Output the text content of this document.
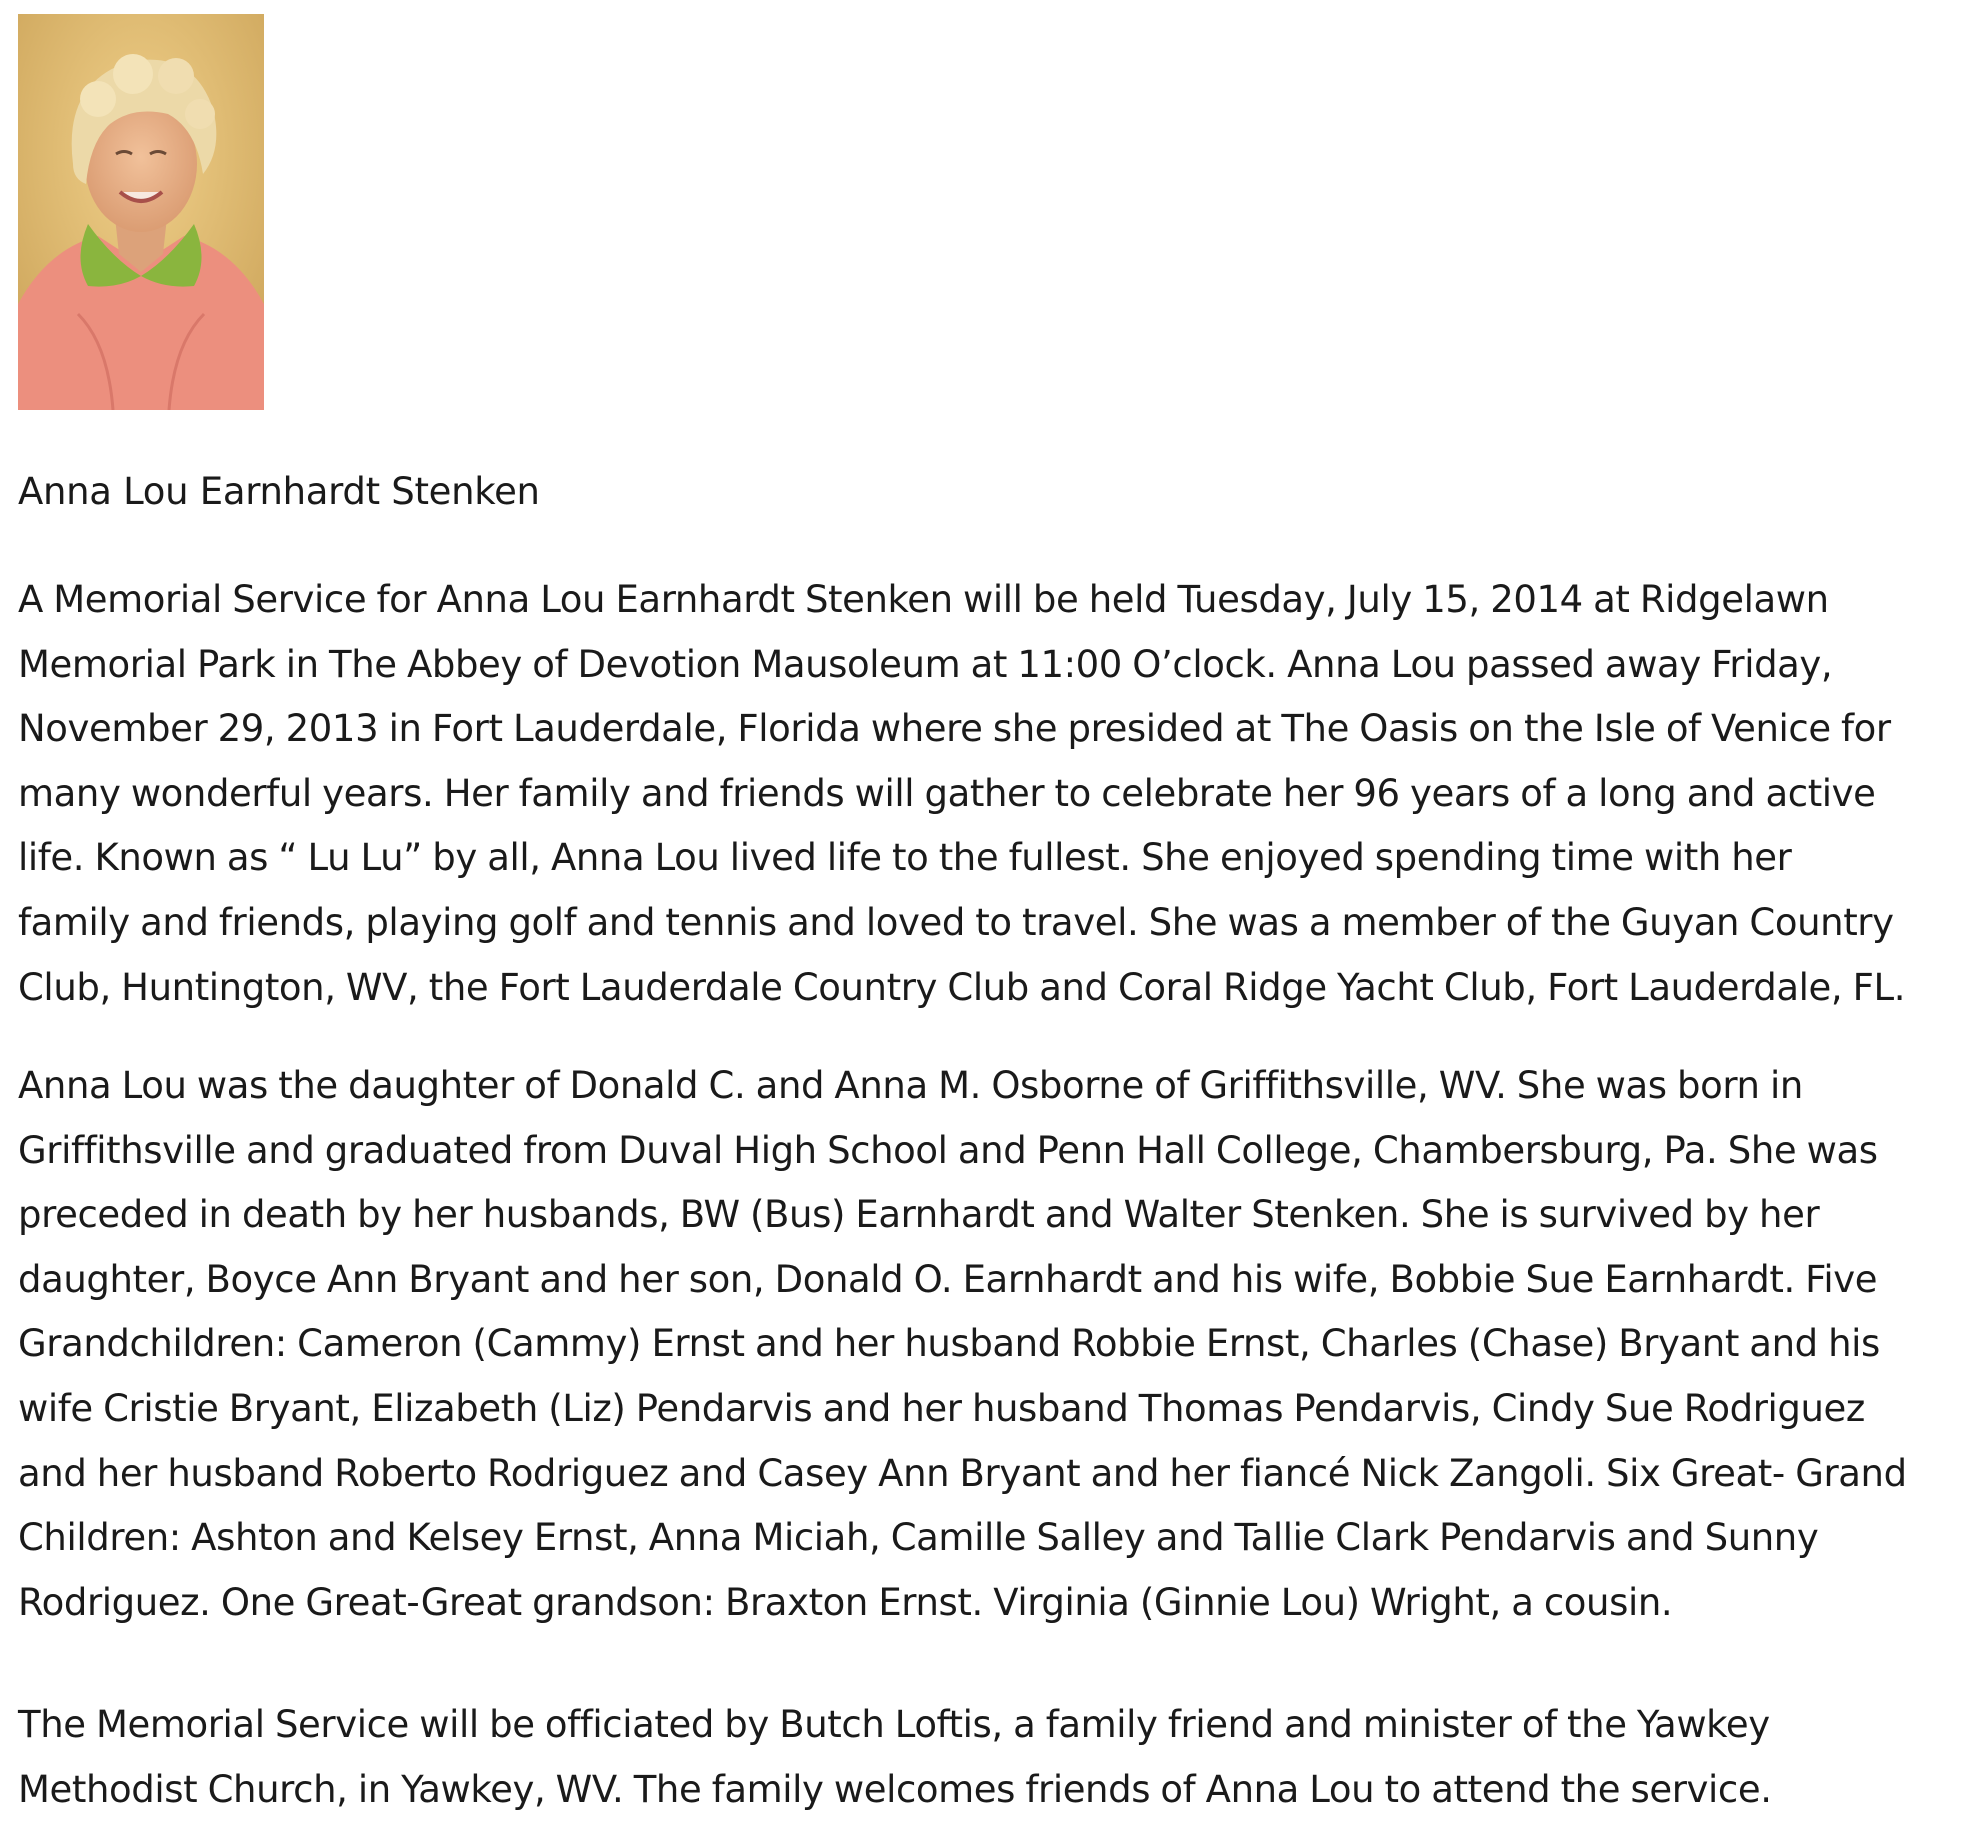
Anna Lou Earnhardt Stenken
A Memorial Service for Anna Lou Earnhardt Stenken will be held Tuesday, July 15, 2014 at Ridgelawn
Memorial Park in The Abbey of Devotion Mausoleum at 11:00 O’clock. Anna Lou passed away Friday,
November 29, 2013 in Fort Lauderdale, Florida where she presided at The Oasis on the Isle of Venice for
many wonderful years. Her family and friends will gather to celebrate her 96 years of a long and active
life. Known as “ Lu Lu” by all, Anna Lou lived life to the fullest. She enjoyed spending time with her
family and friends, playing golf and tennis and loved to travel. She was a member of the Guyan Country
Club, Huntington, WV, the Fort Lauderdale Country Club and Coral Ridge Yacht Club, Fort Lauderdale, FL.
Anna Lou was the daughter of Donald C. and Anna M. Osborne of Griffithsville, WV. She was born in
Griffithsville and graduated from Duval High School and Penn Hall College, Chambersburg, Pa. She was
preceded in death by her husbands, BW (Bus) Earnhardt and Walter Stenken. She is survived by her
daughter, Boyce Ann Bryant and her son, Donald O. Earnhardt and his wife, Bobbie Sue Earnhardt. Five
Grandchildren: Cameron (Cammy) Ernst and her husband Robbie Ernst, Charles (Chase) Bryant and his
wife Cristie Bryant, Elizabeth (Liz) Pendarvis and her husband Thomas Pendarvis, Cindy Sue Rodriguez
and her husband Roberto Rodriguez and Casey Ann Bryant and her fiancé Nick Zangoli. Six Great- Grand
Children: Ashton and Kelsey Ernst, Anna Miciah, Camille Salley and Tallie Clark Pendarvis and Sunny
Rodriguez. One Great-Great grandson: Braxton Ernst. Virginia (Ginnie Lou) Wright, a cousin.
The Memorial Service will be officiated by Butch Loftis, a family friend and minister of the Yawkey
Methodist Church, in Yawkey, WV. The family welcomes friends of Anna Lou to attend the service.
